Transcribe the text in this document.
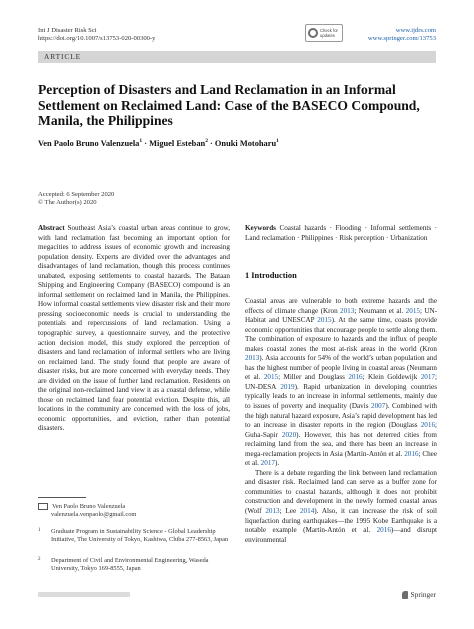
Int J Disaster Risk Sci
https://doi.org/10.1007/s13753-020-00300-y
Check for
updates
www.ijdrs.com
www.springer.com/13753
ARTICLE
Perception of Disasters and Land Reclamation in an Informal Settlement on Reclaimed Land: Case of the BASECO Compound, Manila, the Philippines
Ven Paolo Bruno Valenzuela$^1$ · Miguel Esteban$^2$ · Onuki Motoharu$^1$
Accepted: 6 September 2020
© The Author(s) 2020
Abstract Southeast Asia’s coastal urban areas continue to grow, with land reclamation fast becoming an important option for megacities to address issues of economic growth and increasing population density. Experts are divided over the advantages and disadvantages of land reclamation, though this process continues unabated, exposing settlements to coastal hazards. The Bataan Shipping and Engineering Company (BASECO) compound is an informal settlement on reclaimed land in Manila, the Philippines. How informal coastal settlements view disaster risk and their more pressing socioeconomic needs is crucial to understanding the potentials and repercussions of land reclamation. Using a topographic survey, a questionnaire survey, and the protective action decision model, this study explored the perception of disasters and land reclamation of informal settlers who are living on reclaimed land. The study found that people are aware of disaster risks, but are more concerned with everyday needs. They are divided on the issue of further land reclamation. Residents on the original non-reclaimed land view it as a coastal defense, while those on reclaimed land fear potential eviction. Despite this, all locations in the community are concerned with the loss of jobs, economic opportunities, and eviction, rather than potential disasters.
Keywords Coastal hazards · Flooding · Informal settlements · Land reclamation · Philippines · Risk perception · Urbanization
1 Introduction

Coastal areas are vulnerable to both extreme hazards and the effects of climate change (Kron 2013; Neumann et al. 2015; UN-Habitat and UNESCAP 2015). At the same time, coasts provide economic opportunities that encourage people to settle along them. The combination of exposure to hazards and the influx of people makes coastal zones the most at-risk areas in the world (Kron 2013). Asia accounts for 54% of the world’s urban population and has the highest number of people living in coastal areas (Neumann et al. 2015; Miller and Douglass 2016; Klein Goldewijk 2017; UN-DESA 2019). Rapid urbanization in developing countries typically leads to an increase in informal settlements, mainly due to issues of poverty and inequality (Davis 2007). Combined with the high natural hazard exposure, Asia’s rapid development has led to an increase in disaster reports in the region (Douglass 2016; Guha-Sapir 2020). However, this has not deterred cities from reclaiming land from the sea, and there has been an increase in mega-reclamation projects in Asia (Martín-Antón et al. 2016; Chee et al. 2017).

There is a debate regarding the link between land reclamation and disaster risk. Reclaimed land can serve as a buffer zone for communities to coastal hazards, although it does not prohibit construction and development in the newly formed coastal areas (Wolf 2013; Lee 2014). Also, it can increase the risk of soil liquefaction during earthquakes—the 1995 Kobe Earthquake is a notable example (Martín-Antón et al. 2016)—and disrupt environmental

Ven Paolo Bruno Valenzuela
valenzuela.venpaolo@gmail.com
1	Graduate Program in Sustainability Science - Global Leadership Initiative, The University of Tokyo, Kashiwa, Chiba 277-8563, Japan
2	Department of Civil and Environmental Engineering, Waseda University, Tokyo 169-8555, Japan
Springer
